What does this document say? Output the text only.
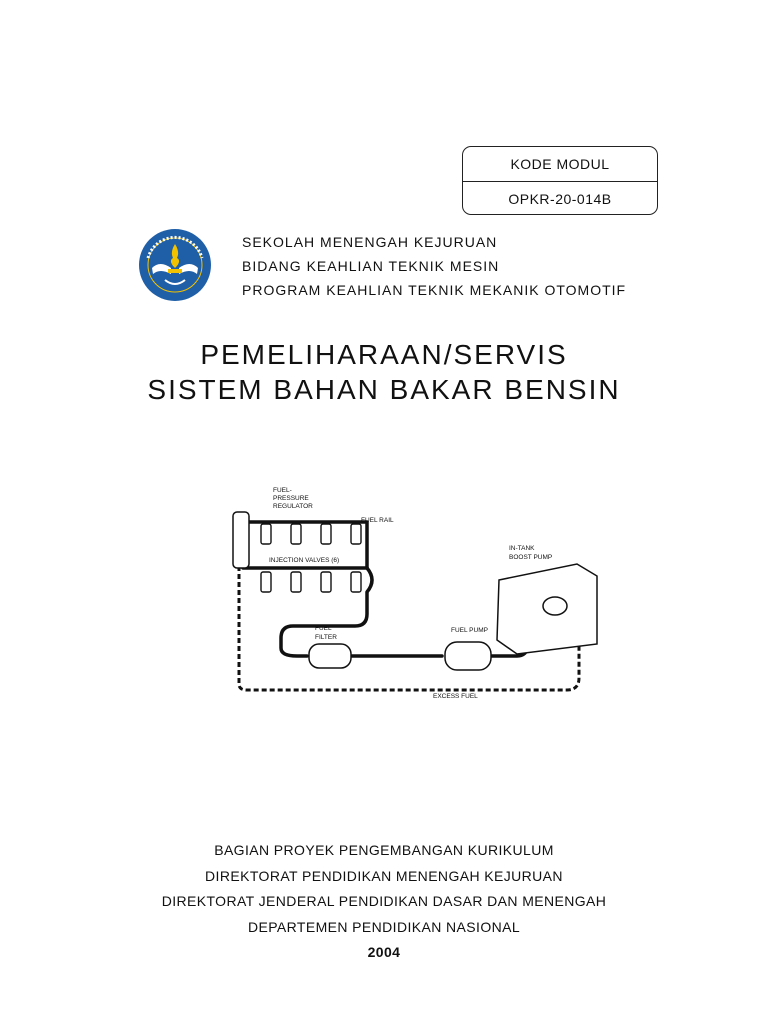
KODE MODUL
OPKR-20-014B
SEKOLAH MENENGAH KEJURUAN
BIDANG KEAHLIAN TEKNIK MESIN
PROGRAM KEAHLIAN TEKNIK MEKANIK OTOMOTIF
PEMELIHARAAN/SERVIS
SISTEM BAHAN BAKAR BENSIN
FUEL-
PRESSURE
REGULATOR
FUEL RAIL
INJECTION VALVES (6)
IN-TANK
BOOST PUMP
FUEL
FILTER
FUEL PUMP
EXCESS FUEL
BAGIAN PROYEK PENGEMBANGAN KURIKULUM
DIREKTORAT PENDIDIKAN MENENGAH KEJURUAN
DIREKTORAT JENDERAL PENDIDIKAN DASAR DAN MENENGAH
DEPARTEMEN PENDIDIKAN NASIONAL
2004
